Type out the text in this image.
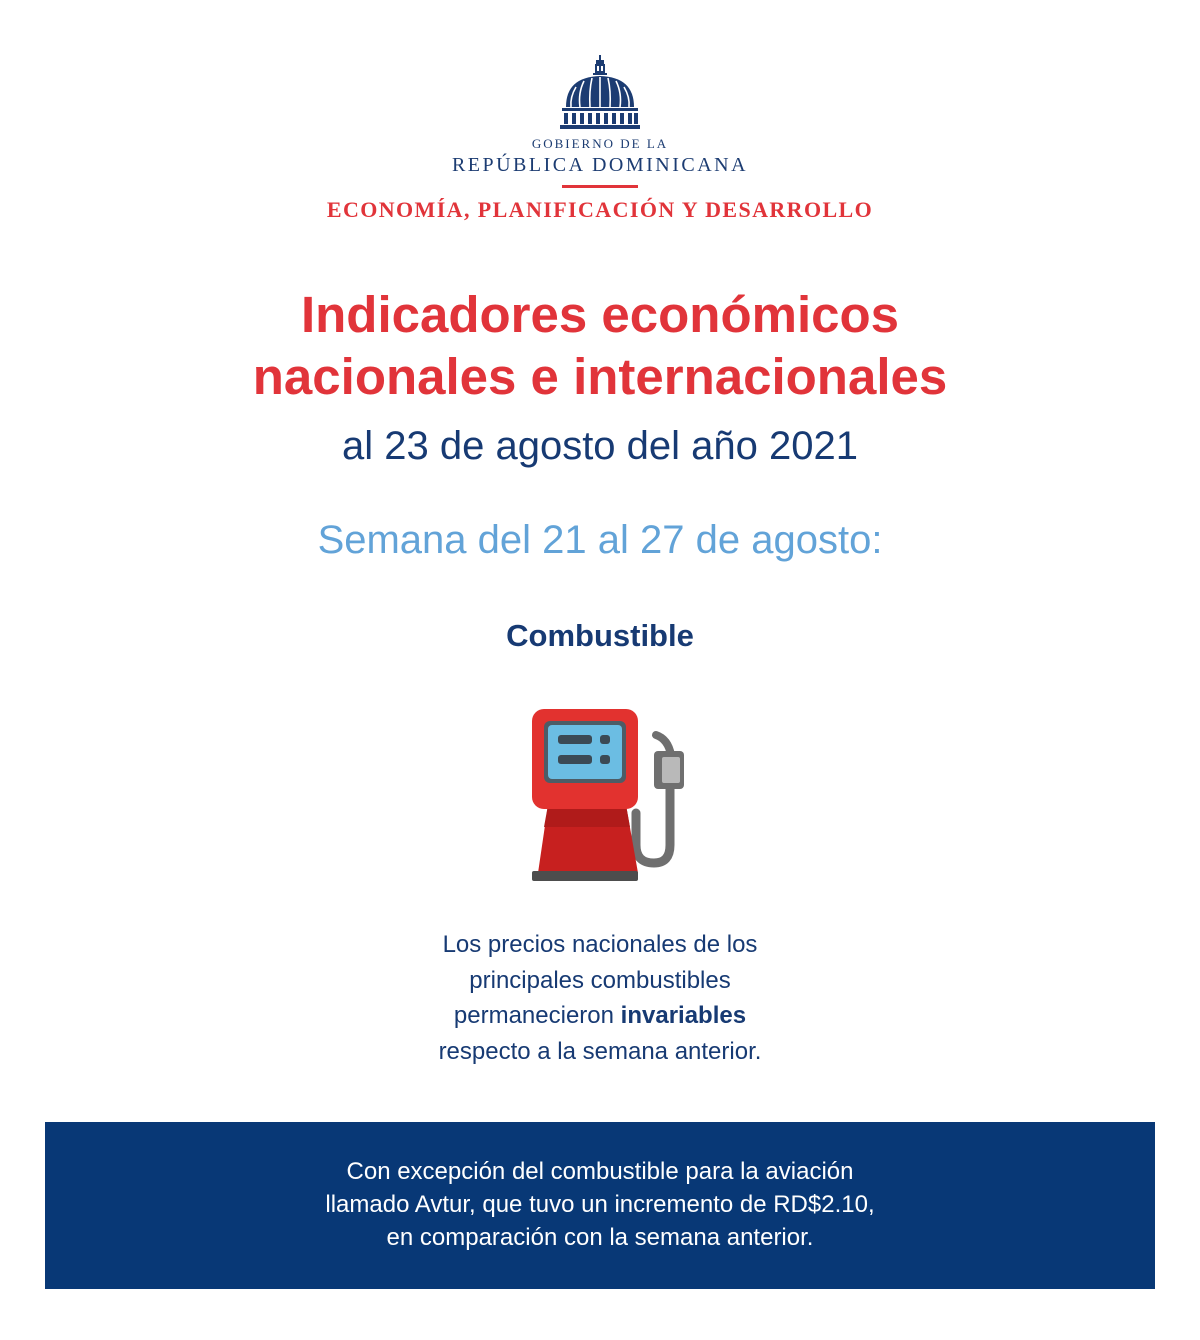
GOBIERNO DE LA
REPÚBLICA DOMINICANA
ECONOMÍA, PLANIFICACIÓN Y DESARROLLO
Indicadores económicos
nacionales e internacionales
al 23 de agosto del año 2021
Semana del 21 al 27 de agosto:
Combustible
Los precios nacionales de los
principales combustibles
permanecieron invariables
respecto a la semana anterior.
Con excepción del combustible para la aviación
llamado Avtur, que tuvo un incremento de RD$2.10,
en comparación con la semana anterior.
